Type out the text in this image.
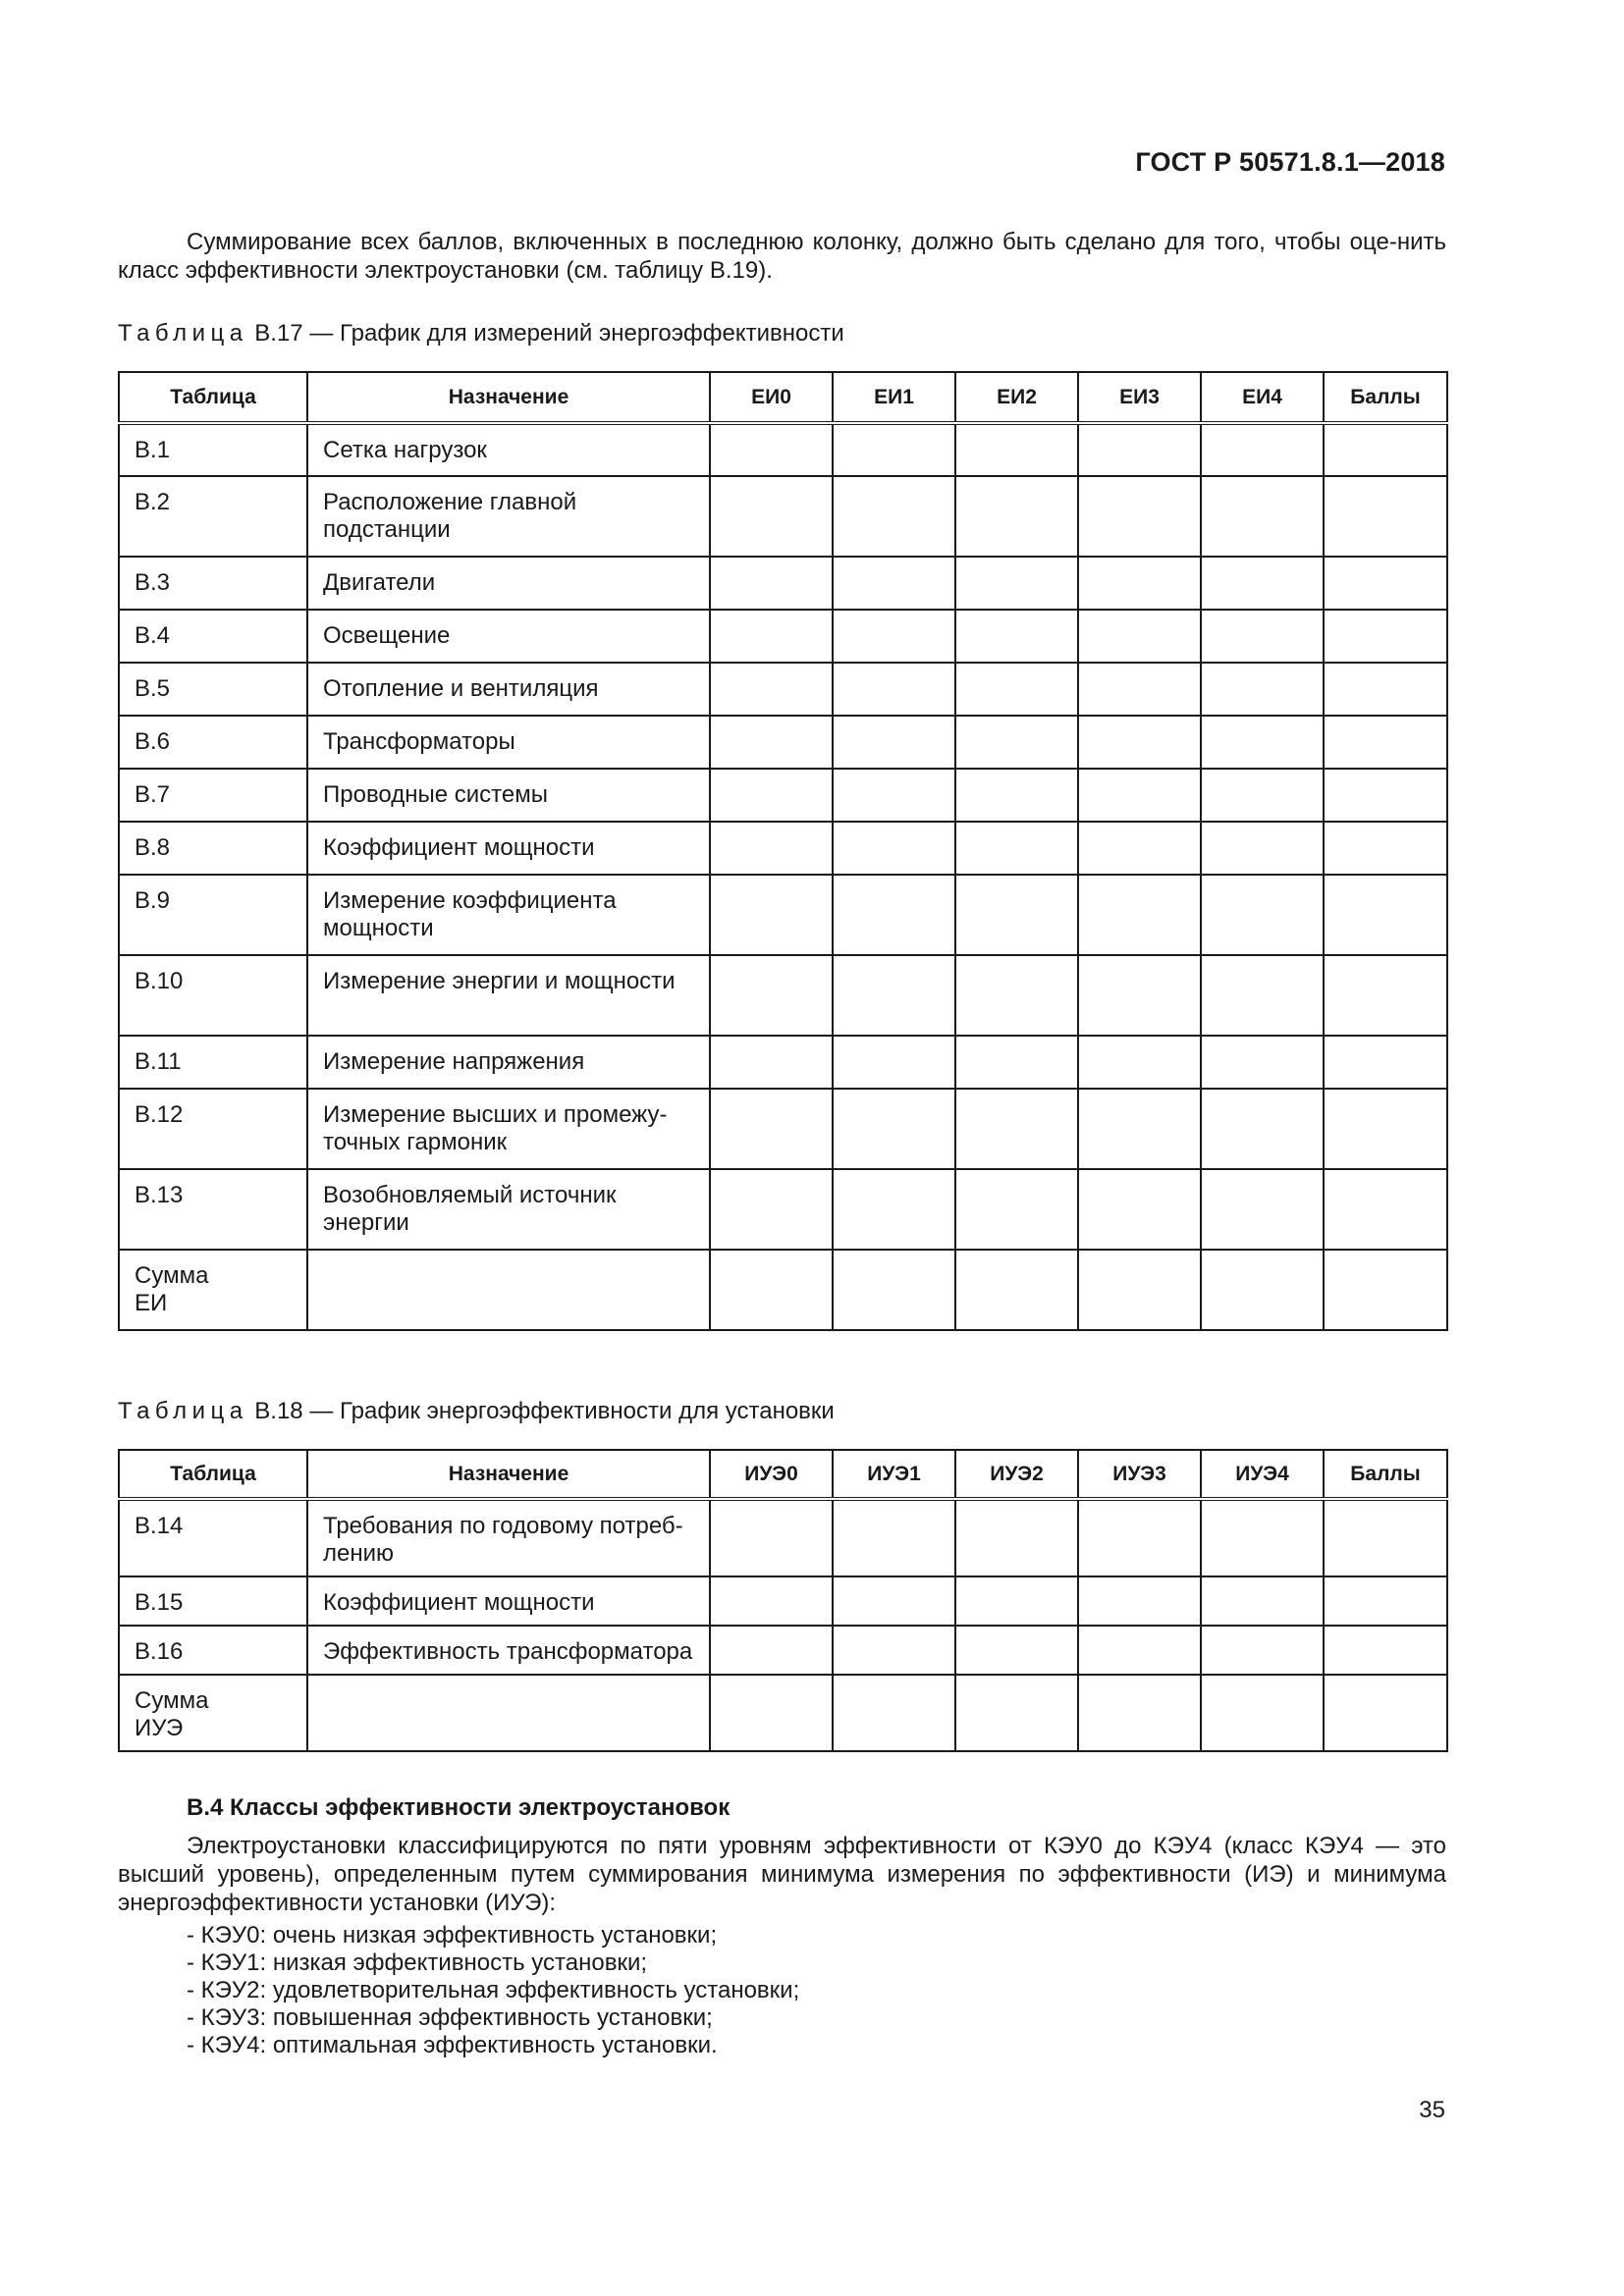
ГОСТ Р 50571.8.1—2018
Суммирование всех баллов, включенных в последнюю колонку, должно быть сделано для того, чтобы оце-нить класс эффективности электроустановки (см. таблицу В.19).
Таблица В.17 — График для измерений энергоэффективности
Таблица	Назначение	ЕИ0	ЕИ1	ЕИ2	ЕИ3	ЕИ4	Баллы

В.1	Сетка нагрузок						

В.2	Расположение главной подстанции						

В.3	Двигатели						

В.4	Освещение						

В.5	Отопление и вентиляция						

В.6	Трансформаторы						

В.7	Проводные системы						

В.8	Коэффициент мощности						

В.9	Измерение коэффициента мощности						

В.10	Измерение энергии и мощности						

В.11	Измерение напряжения						

В.12	Измерение высших и промежу-точных гармоник						

В.13	Возобновляемый источник энергии						

Сумма ЕИ							

Таблица В.18 — График энергоэффективности для установки
Таблица	Назначение	ИУЭ0	ИУЭ1	ИУЭ2	ИУЭ3	ИУЭ4	Баллы

В.14	Требования по годовому потреб-лению						

В.15	Коэффициент мощности						

В.16	Эффективность трансформатора						

Сумма ИУЭ							

В.4 Классы эффективности электроустановок
Электроустановки классифицируются по пяти уровням эффективности от КЭУ0 до КЭУ4 (класс КЭУ4 — это высший уровень), определенным путем суммирования минимума измерения по эффективности (ИЭ) и минимума энергоэффективности установки (ИУЭ):
- КЭУ0: очень низкая эффективность установки;
- КЭУ1: низкая эффективность установки;
- КЭУ2: удовлетворительная эффективность установки;
- КЭУ3: повышенная эффективность установки;
- КЭУ4: оптимальная эффективность установки.
35
